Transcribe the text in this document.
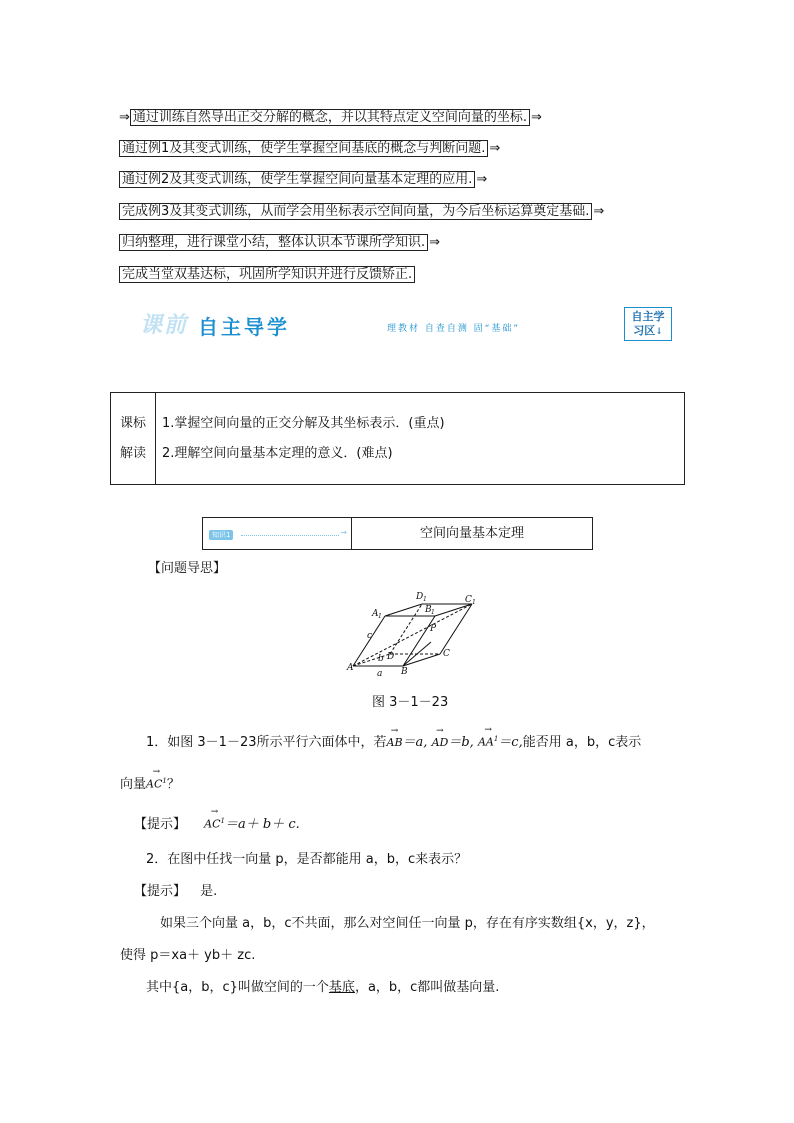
⇒ 通过训练自然导出正交分解的概念，并以其特点定义空间向量的坐标. ⇒
通过例1及其变式训练，使学生掌握空间基底的概念与判断问题. ⇒
通过例2及其变式训练，使学生掌握空间向量基本定理的应用. ⇒
完成例3及其变式训练，从而学会用坐标表示空间向量，为今后坐标运算奠定基础. ⇒
归纳整理，进行课堂小结，整体认识本节课所学知识. ⇒
完成当堂双基达标，巩固所学知识并进行反馈矫正.
课前 自主导学	理教材 自查自测 固“基础”
自主学
习区↓
课标
解读

1.掌握空间向量的正交分解及其坐标表示．(重点)
2.理解空间向量基本定理的意义．(难点)
知识1 →	空间向量基本定理
【问题导思】
D 1	C 1
A 1
B 1
P
c
C
D
b
A	B
a
图 3－1－23
1．如图 3－1－23所示平行六面体中，若→ AB＝a, → AD＝b, → $AA^1=c$,能否用 a，b，c表示
向量→ $AC^1$？
【提示】 → $AC^1=a+ b+ c$.
2．在图中任找一向量 p，是否都能用 a，b，c来表示？
【提示】 是.
如果三个向量 a，b，c不共面，那么对空间任一向量 p，存在有序实数组{x，y，z}，
使得 p＝xa＋ yb＋ zc.
其中{a，b，c}叫做空间的一个基底，a，b，c都叫做基向量.
